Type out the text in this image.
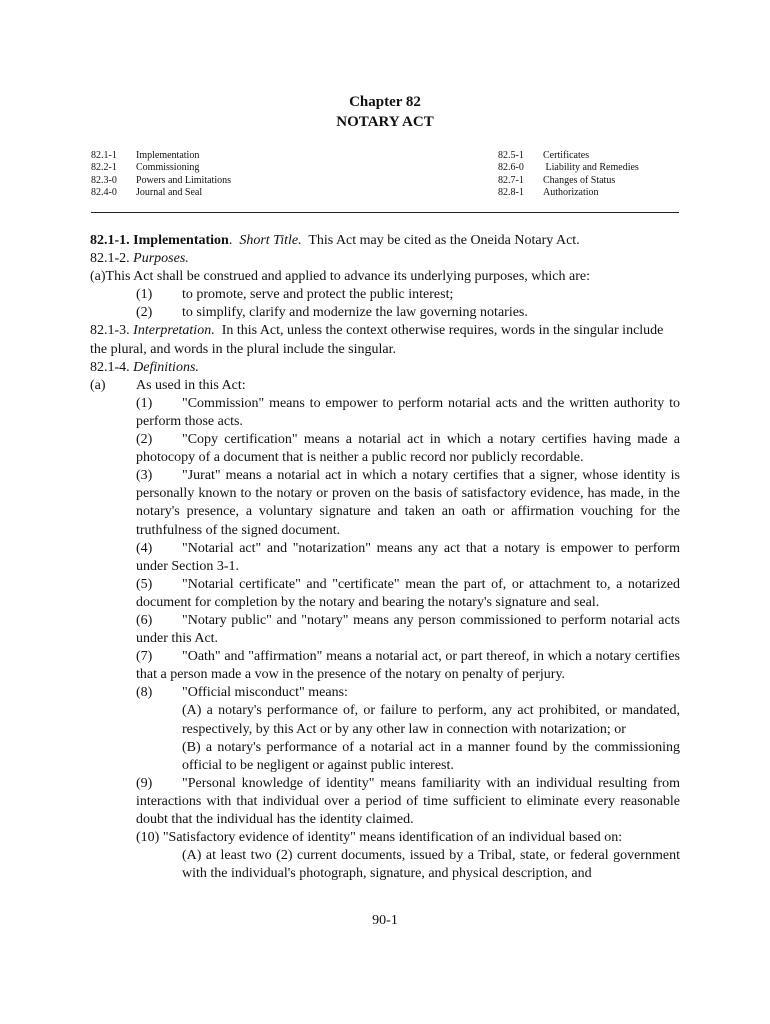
Chapter 82
NOTARY ACT
82.1-1 Implementation
82.2-1 Commissioning
82.3-0 Powers and Limitations
82.4-0 Journal and Seal
82.5-1 Certificates
82.6-0 Liability and Remedies
82.7-1 Changes of Status
82.8-1 Authorization
82.1-1. Implementation.  Short Title. This Act may be cited as the Oneida Notary Act.
82.1-2. Purposes.
(a)This Act shall be construed and applied to advance its underlying purposes, which are:
(1) to promote, serve and protect the public interest;
(2) to simplify, clarify and modernize the law governing notaries.
82.1-3. Interpretation. In this Act, unless the context otherwise requires, words in the singular include the plural, and words in the plural include the singular.
82.1-4. Definitions.
(a) As used in this Act:
(1) "Commission" means to empower to perform notarial acts and the written authority to perform those acts.
(2) "Copy certification" means a notarial act in which a notary certifies having made a photocopy of a document that is neither a public record nor publicly recordable.
(3) "Jurat" means a notarial act in which a notary certifies that a signer, whose identity is personally known to the notary or proven on the basis of satisfactory evidence, has made, in the notary's presence, a voluntary signature and taken an oath or affirmation vouching for the truthfulness of the signed document.
(4) "Notarial act" and "notarization" means any act that a notary is empower to perform under Section 3-1.
(5) "Notarial certificate" and "certificate" mean the part of, or attachment to, a notarized document for completion by the notary and bearing the notary's signature and seal.
(6) "Notary public" and "notary" means any person commissioned to perform notarial acts under this Act.
(7) "Oath" and "affirmation" means a notarial act, or part thereof, in which a notary certifies that a person made a vow in the presence of the notary on penalty of perjury.
(8) "Official misconduct" means:
(A) a notary's performance of, or failure to perform, any act prohibited, or mandated, respectively, by this Act or by any other law in connection with notarization; or
(B) a notary's performance of a notarial act in a manner found by the commissioning official to be negligent or against public interest.
(9) "Personal knowledge of identity" means familiarity with an individual resulting from interactions with that individual over a period of time sufficient to eliminate every reasonable doubt that the individual has the identity claimed.
(10) "Satisfactory evidence of identity" means identification of an individual based on:
(A) at least two (2) current documents, issued by a Tribal, state, or federal government with the individual's photograph, signature, and physical description, and
90-1
